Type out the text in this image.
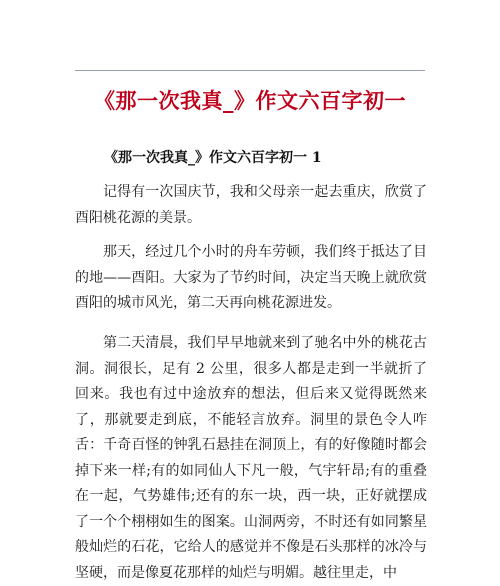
《那一次我真_》作文六百字初一
《那一次我真_》作文六百字初一 1

记得有一次国庆节，我和父母亲一起去重庆，欣赏了酉阳桃花源的美景。

那天，经过几个小时的舟车劳顿，我们终于抵达了目的地——酉阳。大家为了节约时间，决定当天晚上就欣赏酉阳的城市风光，第二天再向桃花源进发。

第二天清晨，我们早早地就来到了驰名中外的桃花古洞。洞很长，足有 2 公里，很多人都是走到一半就折了回来。我也有过中途放弃的想法，但后来又觉得既然来了，那就要走到底，不能轻言放弃。洞里的景色令人咋舌：千奇百怪的钟乳石悬挂在洞顶上，有的好像随时都会掉下来一样;有的如同仙人下凡一般，气宇轩昂;有的重叠在一起，气势雄伟;还有的东一块，西一块，正好就摆成了一个个栩栩如生的图案。山洞两旁，不时还有如同繁星般灿烂的石花，它给人的感觉并不像是石头那样的冰冷与坚硬，而是像夏花那样的灿烂与明媚。越往里走，中
